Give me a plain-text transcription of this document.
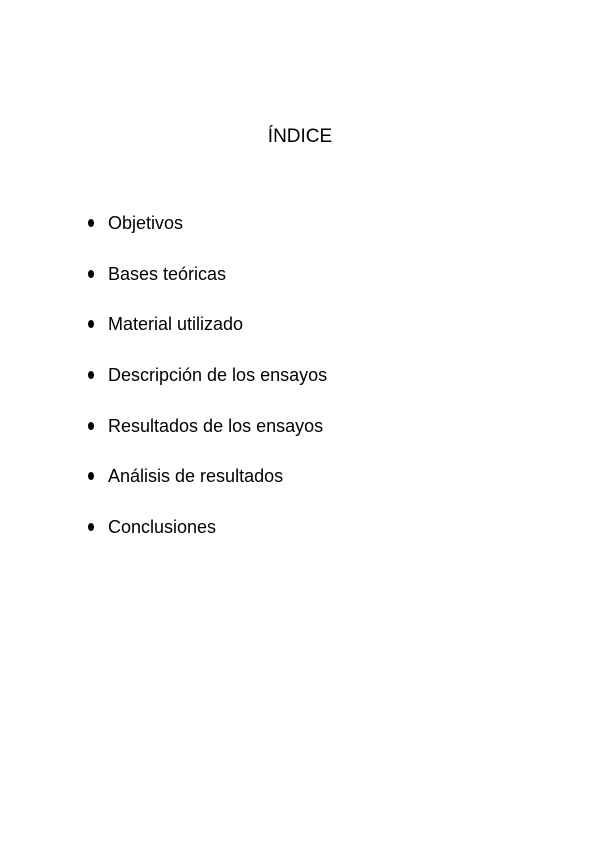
ÍNDICE
Objetivos
Bases teóricas
Material utilizado
Descripción de los ensayos
Resultados de los ensayos
Análisis de resultados
Conclusiones
